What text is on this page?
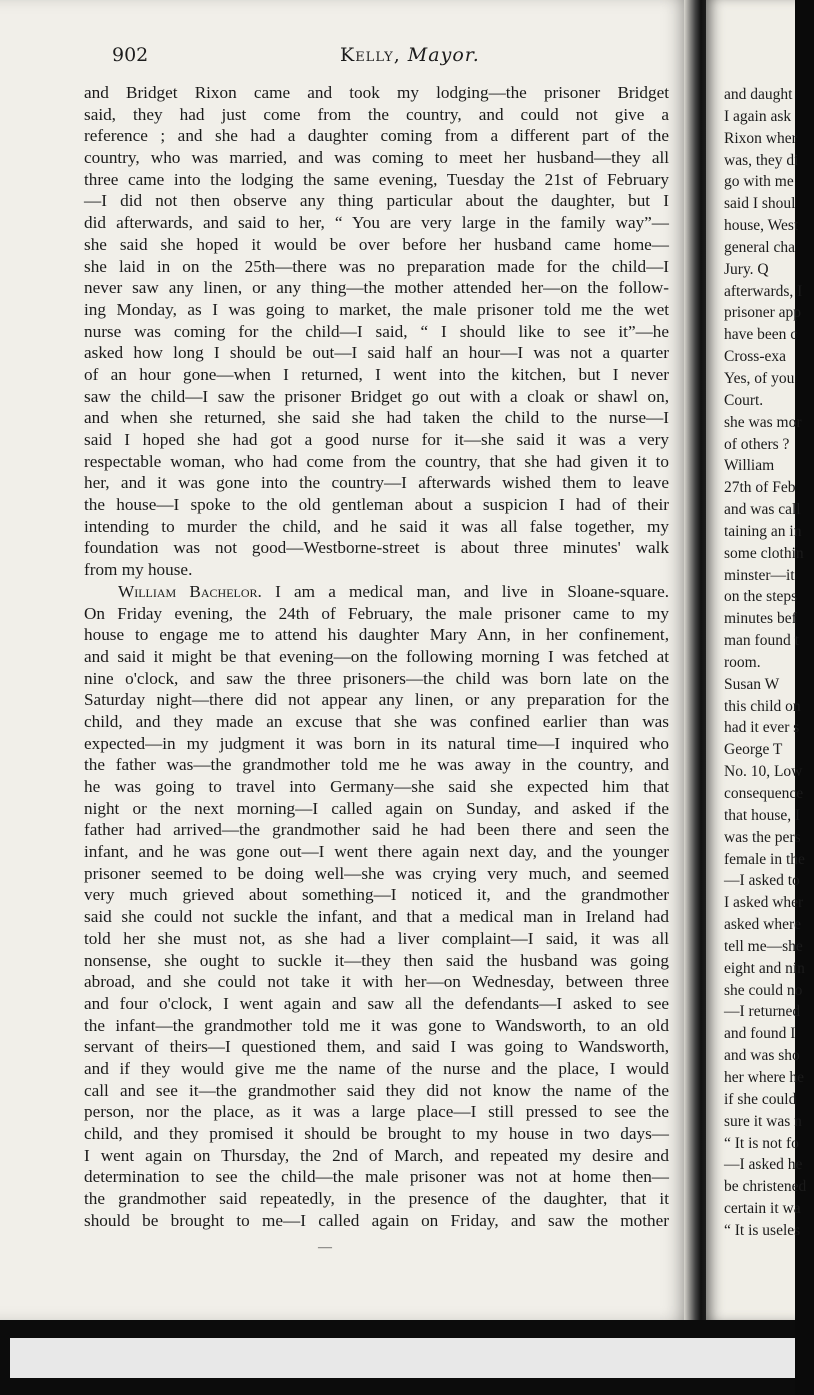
902	Kelly, Mayor.
and Bridget Rixon came and took my lodging—the prisoner Bridget
said, they had just come from the country, and could not give a
reference ; and she had a daughter coming from a different part of the
country, who was married, and was coming to meet her husband—they all
three came into the lodging the same evening, Tuesday the 21st of February
—I did not then observe any thing particular about the daughter, but I
did afterwards, and said to her, “ You are very large in the family way”—
she said she hoped it would be over before her husband came home—
she laid in on the 25th—there was no preparation made for the child—I
never saw any linen, or any thing—the mother attended her—on the follow-
ing Monday, as I was going to market, the male prisoner told me the wet
nurse was coming for the child—I said, “ I should like to see it”—he
asked how long I should be out—I said half an hour—I was not a quarter
of an hour gone—when I returned, I went into the kitchen, but I never
saw the child—I saw the prisoner Bridget go out with a cloak or shawl on,
and when she returned, she said she had taken the child to the nurse—I
said I hoped she had got a good nurse for it—she said it was a very
respectable woman, who had come from the country, that she had given it to
her, and it was gone into the country—I afterwards wished them to leave
the house—I spoke to the old gentleman about a suspicion I had of their
intending to murder the child, and he said it was all false together, my
foundation was not good—Westborne-street is about three minutes' walk
from my house.
William Bachelor. I am a medical man, and live in Sloane-square.
On Friday evening, the 24th of February, the male prisoner came to my
house to engage me to attend his daughter Mary Ann, in her confinement,
and said it might be that evening—on the following morning I was fetched at
nine o'clock, and saw the three prisoners—the child was born late on the
Saturday night—there did not appear any linen, or any preparation for the
child, and they made an excuse that she was confined earlier than was
expected—in my judgment it was born in its natural time—I inquired who
the father was—the grandmother told me he was away in the country, and
he was going to travel into Germany—she said she expected him that
night or the next morning—I called again on Sunday, and asked if the
father had arrived—the grandmother said he had been there and seen the
infant, and he was gone out—I went there again next day, and the younger
prisoner seemed to be doing well—she was crying very much, and seemed
very much grieved about something—I noticed it, and the grandmother
said she could not suckle the infant, and that a medical man in Ireland had
told her she must not, as she had a liver complaint—I said, it was all
nonsense, she ought to suckle it—they then said the husband was going
abroad, and she could not take it with her—on Wednesday, between three
and four o'clock, I went again and saw all the defendants—I asked to see
the infant—the grandmother told me it was gone to Wandsworth, to an old
servant of theirs—I questioned them, and said I was going to Wandsworth,
and if they would give me the name of the nurse and the place, I would
call and see it—the grandmother said they did not know the name of the
person, nor the place, as it was a large place—I still pressed to see the
child, and they promised it should be brought to my house in two days—
I went again on Thursday, the 2nd of March, and repeated my desire and
determination to see the child—the male prisoner was not at home then—
the grandmother said repeatedly, in the presence of the daughter, that it
should be brought to me—I called again on Friday, and saw the mother
—
and daught
I again ask
Rixon wher
was, they di
go with me
said I shoul
house, West
general cha
Jury. Q
afterwards, I
prisoner app
have been c
Cross-exa
Yes, of you
Court.
she was mor
of others ?
William
27th of Feb
and was call
taining an in
some clothin
minster—it
on the steps
minutes bef
man found t
room.
Susan W
this child on
had it ever s
George T
No. 10, Low
consequence
that house, I
was the pers
female in the
—I asked to
I asked wher
asked where
tell me—she
eight and nin
she could no
—I returned
and found I
and was sho
her where he
if she could
sure it was n
“ It is not fo
—I asked he
be christened
certain it wa
“ It is useles
